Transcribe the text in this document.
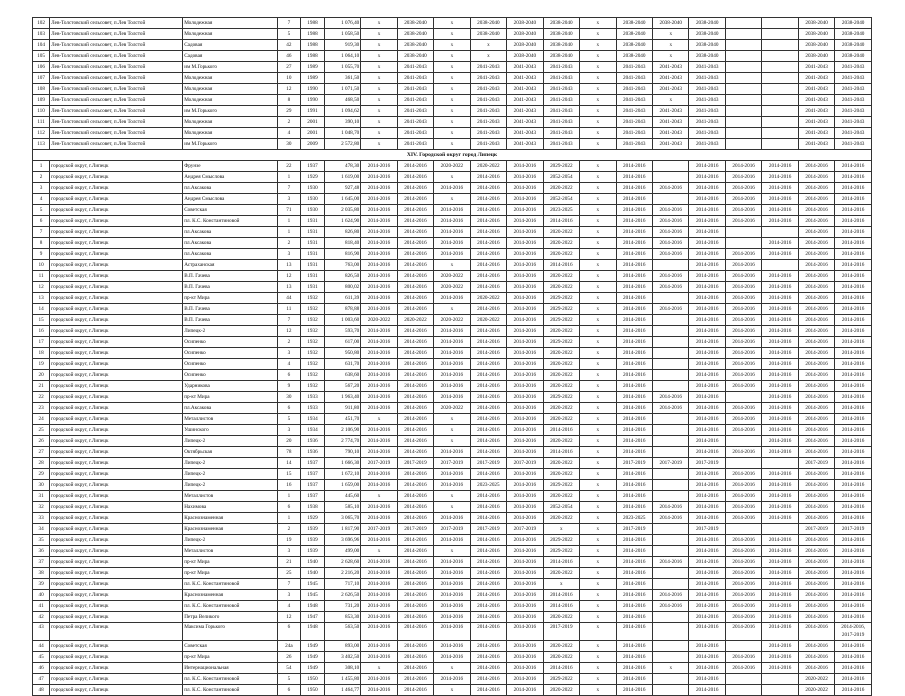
102	Лев-Толстовский сельсовет, п.Лев Толстой	Молодежная	7	1988	1 076,40	х	2038-2040	х	2038-2040	2038-2040	2038-2040	х	2038-2040	2038-2040	2038-2040			2038-2040	2038-2040
103	Лев-Толстовский сельсовет, п.Лев Толстой	Молодежная	5	1988	1 058,50	х	2038-2040	х	2038-2040	2038-2040	2038-2040	х	2038-2040	х	2038-2040			2038-2040	2038-2040
104	Лев-Толстовский сельсовет, п.Лев Толстой	Садовая	42	1988	919,30	х	2038-2040	х	х	2038-2040	2038-2040	х	2038-2040	х	2038-2040			2038-2040	2038-2040
105	Лев-Толстовский сельсовет, п.Лев Толстой	Садовая	46	1988	1 064,10	х	2038-2040	х	х	2038-2040	2038-2040	х	2038-2040	х	2038-2040			2038-2040	2038-2040
106	Лев-Толстовский сельсовет, п.Лев Толстой	им М.Горького	27	1989	1 055,70	х	2041-2043	х	2041-2043	2041-2043	2041-2043	х	2041-2043	2041-2043	2041-2043			2041-2043	2041-2043
107	Лев-Толстовский сельсовет, п.Лев Толстой	Молодежная	10	1989	361,50	х	2041-2043	х	2041-2043	2041-2043	2041-2043	х	2041-2043	2041-2043	2041-2043			2041-2043	2041-2043
108	Лев-Толстовский сельсовет, п.Лев Толстой	Молодежная	12	1990	1 071,50	х	2041-2043	х	2041-2043	2041-2043	2041-2043	х	2041-2043	2041-2043	2041-2043			2041-2043	2041-2043
109	Лев-Толстовский сельсовет, п.Лев Толстой	Молодежная	8	1990	468,50	х	2041-2043	х	2041-2043	2041-2043	2041-2043	х	2041-2043	х	2041-2043			2041-2043	2041-2043
110	Лев-Толстовский сельсовет, п.Лев Толстой	им М.Горького	29	1991	1 094,62	х	2041-2043	х	2041-2043	2041-2043	2041-2043	х	2041-2043	2041-2043	2041-2043			2041-2043	2041-2043
111	Лев-Толстовский сельсовет, п.Лев Толстой	Молодежная	2	2001	390,10	х	2041-2043	х	2041-2043	2041-2043	2041-2043	х	2041-2043	2041-2043	2041-2043			2041-2043	2041-2043
112	Лев-Толстовский сельсовет, п.Лев Толстой	Молодежная	4	2001	1 048,70	х	2041-2043	х	2041-2043	2041-2043	2041-2043	х	2041-2043	2041-2043	2041-2043			2041-2043	2041-2043
113	Лев-Толстовский сельсовет, п.Лев Толстой	им М.Горького	30	2009	2 572,80	х	2041-2043	х	2041-2043	2041-2043	2041-2043	х	2041-2043	2041-2043	2041-2043			2041-2043	2041-2043
XIV. Городской округ город Липецк																			
1	городской округ, г.Липецк	Фрунзе	22	1937	478,30	2014-2016	2014-2016	2020-2022	2020-2022	2014-2016	2029-2022	х	2014-2016		2014-2016	2014-2016	2014-2016	2014-2016	2014-2016
2	городской округ, г.Липецк	Андрея Смыслова	1	1929	1 619,00	2014-2016	2014-2016	х	2014-2016	2014-2016	2052-2054	х	2014-2016		2014-2016	2014-2016	2014-2016	2014-2016	2014-2016
3	городской округ, г.Липецк	пл.Аксакова	7	1930	927,48	2014-2016	2014-2016	2014-2016	2014-2016	2014-2016	2020-2022	х	2014-2016	2014-2016	2014-2016	2014-2016	2014-2016	2014-2016	2014-2016
4	городской округ, г.Липецк	Андрея Смыслова	3	1930	1 645,00	2014-2016	2014-2016	х	2014-2016	2014-2016	2052-2054	х	2014-2016		2014-2016	2014-2016	2014-2016	2014-2016	2014-2016
5	городской округ, г.Липецк	Советская	71	1930	2 035,80	2014-2016	2014-2016	2014-2016	2014-2016	2014-2016	2023-2025	х	2014-2016	2014-2016	2014-2016	2014-2016	2014-2016	2014-2016	2014-2016
6	городской округ, г.Липецк	пл. К.С. Константиновой	1	1931	1 624,90	2014-2016	2014-2016	2014-2016	2014-2016	2014-2016	2014-2016	х	2014-2016	2014-2016	2014-2016	2014-2016	2014-2016	2014-2016	2014-2016
7	городской округ, г.Липецк	пл.Аксакова	1	1931	826,80	2014-2016	2014-2016	2014-2016	2014-2016	2014-2016	2020-2022	х	2014-2016	2014-2016	2014-2016			2014-2016	2014-2016
8	городской округ, г.Липецк	пл.Аксакова	2	1931	818,40	2014-2016	2014-2016	2014-2016	2014-2016	2014-2016	2020-2022	х	2014-2016	2014-2016	2014-2016		2014-2016	2014-2016	2014-2016
9	городской округ, г.Липецк	пл.Аксакова	3	1931	816,90	2014-2016	2014-2016	2014-2016	2014-2016	2014-2016	2020-2022	х	2014-2016	2014-2016	2014-2016	2014-2016	2014-2016	2014-2016	2014-2016
10	городской округ, г.Липецк	Астраханская	13	1931	763,00	2014-2016	2014-2016	х	2014-2016	2014-2016	2014-2016	х	2014-2016		2014-2016	2014-2016		2014-2016	2014-2016
11	городской округ, г.Липецк	В.П. Гачева	12	1931	826,50	2014-2016	2014-2016	2020-2022	2014-2016	2014-2016	2020-2022	х	2014-2016	2014-2016	2014-2016	2014-2016	2014-2016	2014-2016	2014-2016
12	городской округ, г.Липецк	В.П. Гачева	13	1931	800,02	2014-2016	2014-2016	2020-2022	2014-2016	2014-2016	2020-2022	х	2014-2016	2014-2016	2014-2016	2014-2016	2014-2016	2014-2016	2014-2016
13	городской округ, г.Липецк	пр-кт Мира	44	1932	611,39	2014-2016	2014-2016	2014-2016	2020-2022	2014-2016	2029-2022	х	2014-2016		2014-2016	2014-2016	2014-2016	2014-2016	2014-2016
14	городской округ, г.Липецк	В.П. Гачева	11	1932	878,88	2014-2016	2014-2016	х	2014-2016	2014-2016	2029-2022	х	2014-2016	2014-2016	2014-2016	2014-2016	2014-2016	2014-2016	2014-2016
15	городской округ, г.Липецк	В.П. Гачева	7	1932	1 003,60	2020-2022	2020-2022	2020-2022	2020-2022	2014-2016	2029-2022	х	2014-2016		2014-2016	2014-2016	2014-2016	2014-2016	2014-2016
16	городской округ, г.Липецк	Липецк-2	12	1932	593,70	2014-2016	2014-2016	2014-2016	2014-2016	2014-2016	2020-2022	х	2014-2016		2014-2016	2014-2016	2014-2016	2014-2016	2014-2016
17	городской округ, г.Липецк	Осипенко	2	1932	617,00	2014-2016	2014-2016	2014-2016	2014-2016	2014-2016	2029-2022	х	2014-2016		2014-2016	2014-2016	2014-2016	2014-2016	2014-2016
18	городской округ, г.Липецк	Осипенко	3	1932	950,80	2014-2016	2014-2016	2014-2016	2014-2016	2014-2016	2020-2022	х	2014-2016		2014-2016	2014-2016	2014-2016	2014-2016	2014-2016
19	городской округ, г.Липецк	Осипенко	4	1932	631,70	2014-2016	2014-2016	2014-2016	2014-2016	2014-2016	2020-2022	х	2014-2016		2014-2016	2014-2016	2014-2016	2014-2016	2014-2016
20	городской округ, г.Липецк	Осипенко	6	1932	638,60	2014-2016	2014-2016	2014-2016	2014-2016	2014-2016	2020-2022	х	2014-2016		2014-2016	2014-2016	2014-2016	2014-2016	2014-2016
21	городской округ, г.Липецк	Ударникова	9	1932	567,20	2014-2016	2014-2016	2014-2016	2014-2016	2014-2016	2020-2022	х	2014-2016		2014-2016	2014-2016	2014-2016	2014-2016	2014-2016
22	городской округ, г.Липецк	пр-кт Мира	30	1933	1 963,40	2014-2016	2014-2016	2014-2016	2014-2016	2014-2016	2029-2022	х	2014-2016	2014-2016	2014-2016		2014-2016	2014-2016	2014-2016
23	городской округ, г.Липецк	пл.Аксакова	6	1933	911,80	2014-2016	2014-2016	2020-2022	2014-2016	2014-2016	2020-2022	х	2014-2016	2014-2016	2014-2016	2014-2016	2014-2016	2014-2016	2014-2016
24	городской округ, г.Липецк	Металлистов	5	1934	451,70	х	2014-2016	х	2014-2016	2014-2016	2020-2022	х	2014-2016		2014-2016	2014-2016	2014-2016	2014-2016	2014-2016
25	городской округ, г.Липецк	Ушинского	3	1934	2 106,90	2014-2016	2014-2016	х	2014-2016	2014-2016	2014-2016	х	2014-2016		2014-2016	2014-2016	2014-2016	2014-2016	2014-2016
26	городской округ, г.Липецк	Липецк-2	20	1936	2 774,70	2014-2016	2014-2016	х	2014-2016	2014-2016	2020-2022	х	2014-2016		2014-2016		2014-2016	2014-2016	2014-2016
27	городской округ, г.Липецк	Октябрьская	78	1936	790,10	2014-2016	2014-2016	2014-2016	2014-2016	2014-2016	2014-2016	х	2014-2016		2014-2016	2014-2016	2014-2016	2014-2016	2014-2016
28	городской округ, г.Липецк	Липецк-2	14	1937	1 666,30	2017-2019	2017-2019	2017-2019	2017-2019	2017-2019	2020-2022	х	2017-2019	2017-2019	2017-2019			2017-2019	2014-2016
29	городской округ, г.Липецк	Липецк-2	15	1937	1 672,10	2014-2016	2014-2016	2014-2016	2014-2016	2014-2016	2020-2022	х	2014-2016		2014-2016	2014-2016	2014-2016	2014-2016	2014-2016
30	городской округ, г.Липецк	Липецк-2	16	1937	1 659,00	2014-2016	2014-2016	2014-2016	2023-2025	2014-2016	2029-2022	х	2014-2016		2014-2016	2014-2016	2014-2016	2014-2016	2014-2016
31	городской округ, г.Липецк	Металлистов	1	1937	445,60	х	2014-2016	х	2014-2016	2014-2016	2020-2022	х	2014-2016		2014-2016	2014-2016	2014-2016	2014-2016	2014-2016
32	городской округ, г.Липецк	Нахимова	6	1938	585,10	2014-2016	2014-2016	х	2014-2016	2014-2016	2052-2054	х	2014-2016	2014-2016	2014-2016	2014-2016	2014-2016	2014-2016	2014-2016
33	городской округ, г.Липецк	Краснознаменная	1	1929	3 065,70	2014-2016	2014-2016	2014-2016	2014-2016	2014-2016	2020-2022	х	2023-2025	2014-2016	2014-2016	2014-2016	2014-2016	2014-2016	2014-2016
34	городской округ, г.Липецк	Краснознаменная	2	1939	1 817,90	2017-2019	2017-2019	2017-2019	2017-2019	2017-2019	х	х	2017-2019		2017-2019			2017-2019	2017-2019
35	городской округ, г.Липецк	Липецк-2	19	1939	3 696,96	2014-2016	2014-2016	2014-2016	2014-2016	2014-2016	2029-2022	х	2014-2016		2014-2016	2014-2016	2014-2016	2014-2016	2014-2016
36	городской округ, г.Липецк	Металлистов	3	1939	499,00	х	2014-2016	х	2014-2016	2014-2016	2029-2022	х	2014-2016		2014-2016	2014-2016	2014-2016	2014-2016	2014-2016
37	городской округ, г.Липецк	пр-кт Мира	21	1940	2 628,60	2014-2016	2014-2016	2014-2016	2014-2016	2014-2016	2014-2016	х	2014-2016	2014-2016	2014-2016	2014-2016	2014-2016	2014-2016	2014-2016
38	городской округ, г.Липецк	пр-кт Мира	25	1940	2 216,20	2014-2016	2014-2016	2014-2016	2014-2016	2014-2016	2020-2022	х	2014-2016		2014-2016	2014-2016	2014-2016	2014-2016	2014-2016
39	городской округ, г.Липецк	пл. К.С. Константиновой	7	1945	717,10	2014-2016	2014-2016	2014-2016	2014-2016	2014-2016	х	х	2014-2016		2014-2016	2014-2016	2014-2016	2014-2016	2014-2016
40	городской округ, г.Липецк	Краснознаменная	3	1945	2 626,50	2014-2016	2014-2016	2014-2016	2014-2016	2014-2016	2014-2016	х	2014-2016	2014-2016	2014-2016	2014-2016	2014-2016	2014-2016	2014-2016
41	городской округ, г.Липецк	пл. К.С. Константиновой	4	1948	731,20	2014-2016	2014-2016	2014-2016	2014-2016	2014-2016	2014-2016	х	2014-2016	2014-2016	2014-2016	2014-2016	2014-2016	2014-2016	2014-2016
42	городской округ, г.Липецк	Петра Великого	12	1947	853,30	2014-2016	2014-2016	2014-2016	2014-2016	2014-2016	2020-2022	х	2014-2016		2014-2016	2014-2016	2014-2016	2014-2016	2014-2016
43	городской округ, г.Липецк	Максима Горького	6	1948	563,50	2014-2016	2014-2016	2014-2016	2014-2016	2014-2016	2017-2019	х	2014-2016		2014-2016	2014-2016	2014-2016	2014-2016	2014-2016, 2017-2019
44	городской округ, г.Липецк	Советская	24а	1949	893,00	2014-2016	2014-2016	2014-2016	2014-2016	2014-2016	2020-2022	х	2014-2016		2014-2016		2014-2016	2014-2016	2014-2016
45	городской округ, г.Липецк	пр-кт Мира	26	1949	3 402,50	2014-2016	2014-2016	2014-2016	2014-2016	2014-2016	2020-2022	х	2014-2016		2014-2016	2014-2016	2014-2016	2014-2016	2014-2016
46	городской округ, г.Липецк	Интернациональная	54	1949	308,10	х	2014-2016	х	2014-2016	2014-2016	2014-2016	х	2014-2016	х	2014-2016	2014-2016	2014-2016	2014-2016	2014-2016
47	городской округ, г.Липецк	пл. К.С. Константиновой	5	1950	1 455,80	2014-2016	2014-2016	2014-2016	2014-2016	2014-2016	2029-2022	х	2014-2016		2014-2016			2020-2022	2014-2016
48	городской округ, г.Липецк	пл. К.С. Константиновой	6	1950	1 464,77	2014-2016	2014-2016	х	2014-2016	2014-2016	2020-2022	х	2014-2016		2014-2016			2020-2022	2014-2016
